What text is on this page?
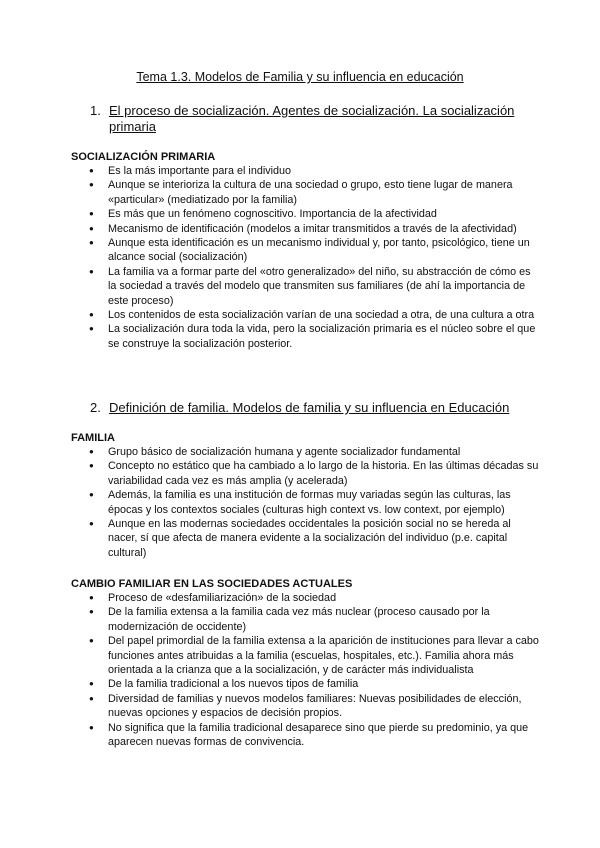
Tema 1.3. Modelos de Familia y su influencia en educación
1. El proceso de socialización. Agentes de socialización. La socialización primaria
SOCIALIZACIÓN PRIMARIA
● Es la más importante para el individuo
● Aunque se interioriza la cultura de una sociedad o grupo, esto tiene lugar de manera «particular» (mediatizado por la familia)
● Es más que un fenómeno cognoscitivo. Importancia de la afectividad
● Mecanismo de identificación (modelos a imitar transmitidos a través de la afectividad)
● Aunque esta identificación es un mecanismo individual y, por tanto, psicológico, tiene un alcance social (socialización)
● La familia va a formar parte del «otro generalizado» del niño, su abstracción de cómo es la sociedad a través del modelo que transmiten sus familiares (de ahí la importancia de este proceso)
● Los contenidos de esta socialización varían de una sociedad a otra, de una cultura a otra
● La socialización dura toda la vida, pero la socialización primaria es el núcleo sobre el que se construye la socialización posterior.
2. Definición de familia. Modelos de familia y su influencia en Educación
FAMILIA
● Grupo básico de socialización humana y agente socializador fundamental
● Concepto no estático que ha cambiado a lo largo de la historia. En las últimas décadas su variabilidad cada vez es más amplia (y acelerada)
● Además, la familia es una institución de formas muy variadas según las culturas, las épocas y los contextos sociales (culturas high context vs. low context, por ejemplo)
● Aunque en las modernas sociedades occidentales la posición social no se hereda al nacer, sí que afecta de manera evidente a la socialización del individuo (p.e. capital cultural)
CAMBIO FAMILIAR EN LAS SOCIEDADES ACTUALES
● Proceso de «desfamiliarización» de la sociedad
● De la familia extensa a la familia cada vez más nuclear (proceso causado por la modernización de occidente)
● Del papel primordial de la familia extensa a la aparición de instituciones para llevar a cabo funciones antes atribuidas a la familia (escuelas, hospitales, etc.). Familia ahora más orientada a la crianza que a la socialización, y de carácter más individualista
● De la familia tradicional a los nuevos tipos de familia
● Diversidad de familias y nuevos modelos familiares: Nuevas posibilidades de elección, nuevas opciones y espacios de decisión propios.
● No significa que la familia tradicional desaparece sino que pierde su predominio, ya que aparecen nuevas formas de convivencia.
